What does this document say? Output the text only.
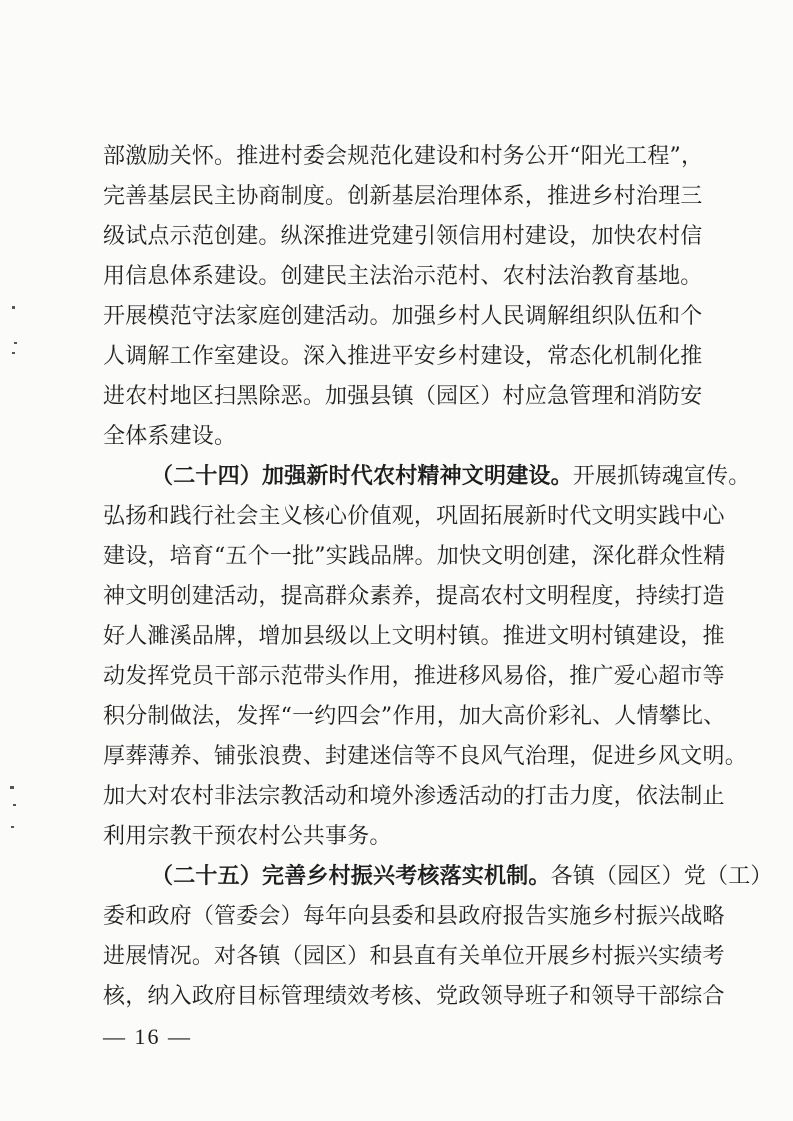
部 激 励 关 怀 。 推 进 村 委 会 规 范 化 建 设 和 村 务 公 开 “ 阳 光 工 程 ” ，
完 善 基 层 民 主 协 商 制 度 。 创 新 基 层 治 理 体 系 ， 推 进 乡 村 治 理 三
级 试 点 示 范 创 建 。 纵 深 推 进 党 建 引 领 信 用 村 建 设 ， 加 快 农 村 信
用 信 息 体 系 建 设 。 创 建 民 主 法 治 示 范 村 、 农 村 法 治 教 育 基 地 。
开 展 模 范 守 法 家 庭 创 建 活 动 。 加 强 乡 村 人 民 调 解 组 织 队 伍 和 个
人 调 解 工 作 室 建 设 。 深 入 推 进 平 安 乡 村 建 设 ， 常 态 化 机 制 化 推
进 农 村 地 区 扫 黑 除 恶 。 加 强 县 镇 （ 园 区 ） 村 应 急 管 理 和 消 防 安
全体系建设。
（二十四）加强新时代农村精神文明建设。 开展抓铸魂宣传。
弘 扬 和 践 行 社 会 主 义 核 心 价 值 观 ， 巩 固 拓 展 新 时 代 文 明 实 践 中 心
建 设 ， 培 育 “ 五 个 一 批 ” 实 践 品 牌 。 加 快 文 明 创 建 ， 深 化 群 众 性 精
神 文 明 创 建 活 动 ， 提 高 群 众 素 养 ， 提 高 农 村 文 明 程 度 ， 持 续 打 造
好 人 濉 溪 品 牌 ， 增 加 县 级 以 上 文 明 村 镇 。 推 进 文 明 村 镇 建 设 ， 推
动 发 挥 党 员 干 部 示 范 带 头 作 用 ， 推 进 移 风 易 俗 ， 推 广 爱 心 超 市 等
积 分 制 做 法 ， 发 挥 “ 一 约 四 会 ” 作 用 ， 加 大 高 价 彩 礼 、 人 情 攀 比 、
厚 葬 薄 养 、 铺 张 浪 费 、 封 建 迷 信 等 不 良 风 气 治 理 ， 促 进 乡 风 文 明 。
加 大 对 农 村 非 法 宗 教 活 动 和 境 外 渗 透 活 动 的 打 击 力 度 ， 依 法 制 止
利用宗教干预农村公共事务。
（二十五）完善乡村振兴考核落实机制。 各镇（园区）党（工）
委 和 政 府 （ 管 委 会 ） 每 年 向 县 委 和 县 政 府 报 告 实 施 乡 村 振 兴 战 略
进 展 情 况 。 对 各 镇 （ 园 区 ） 和 县 直 有 关 单 位 开 展 乡 村 振 兴 实 绩 考
核 ， 纳 入 政 府 目 标 管 理 绩 效 考 核 、 党 政 领 导 班 子 和 领 导 干 部 综 合
— 16 —
